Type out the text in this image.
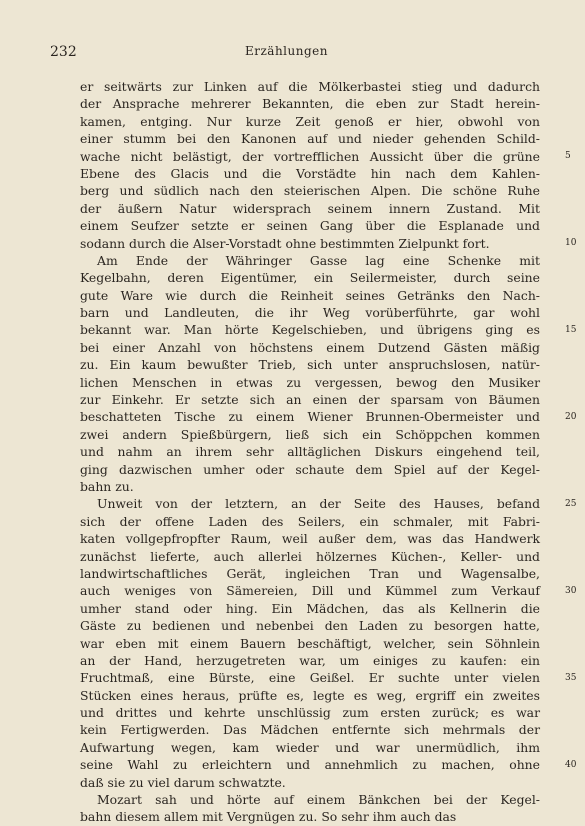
232	Erzählungen
er seitwärts zur Linken auf die Mölkerbastei stieg und dadurch
der Ansprache mehrerer Bekannten, die eben zur Stadt herein-
kamen, entging. Nur kurze Zeit genoß er hier, obwohl von
einer stumm bei den Kanonen auf und nieder gehenden Schild-
wache nicht belästigt, der vortrefflichen Aussicht über die grüne
Ebene des Glacis und die Vorstädte hin nach dem Kahlen-
berg und südlich nach den steierischen Alpen. Die schöne Ruhe
der äußern Natur widersprach seinem innern Zustand. Mit
einem Seufzer setzte er seinen Gang über die Esplanade und
sodann durch die Alser-Vorstadt ohne bestimmten Zielpunkt fort.
Am Ende der Währinger Gasse lag eine Schenke mit
Kegelbahn, deren Eigentümer, ein Seilermeister, durch seine
gute Ware wie durch die Reinheit seines Getränks den Nach-
barn und Landleuten, die ihr Weg vorüberführte, gar wohl
bekannt war. Man hörte Kegelschieben, und übrigens ging es
bei einer Anzahl von höchstens einem Dutzend Gästen mäßig
zu. Ein kaum bewußter Trieb, sich unter anspruchslosen, natür-
lichen Menschen in etwas zu vergessen, bewog den Musiker
zur Einkehr. Er setzte sich an einen der sparsam von Bäumen
beschatteten Tische zu einem Wiener Brunnen-Obermeister und
zwei andern Spießbürgern, ließ sich ein Schöppchen kommen
und nahm an ihrem sehr alltäglichen Diskurs eingehend teil,
ging dazwischen umher oder schaute dem Spiel auf der Kegel-
bahn zu.
Unweit von der letztern, an der Seite des Hauses, befand
sich der offene Laden des Seilers, ein schmaler, mit Fabri-
katen vollgepfropfter Raum, weil außer dem, was das Handwerk
zunächst lieferte, auch allerlei hölzernes Küchen-, Keller- und
landwirtschaftliches Gerät, ingleichen Tran und Wagensalbe,
auch weniges von Sämereien, Dill und Kümmel zum Verkauf
umher stand oder hing. Ein Mädchen, das als Kellnerin die
Gäste zu bedienen und nebenbei den Laden zu besorgen hatte,
war eben mit einem Bauern beschäftigt, welcher, sein Söhnlein
an der Hand, herzugetreten war, um einiges zu kaufen: ein
Fruchtmaß, eine Bürste, eine Geißel. Er suchte unter vielen
Stücken eines heraus, prüfte es, legte es weg, ergriff ein zweites
und drittes und kehrte unschlüssig zum ersten zurück; es war
kein Fertigwerden. Das Mädchen entfernte sich mehrmals der
Aufwartung wegen, kam wieder und war unermüdlich, ihm
seine Wahl zu erleichtern und annehmlich zu machen, ohne
daß sie zu viel darum schwatzte.
Mozart sah und hörte auf einem Bänkchen bei der Kegel-
bahn diesem allem mit Vergnügen zu. So sehr ihm auch das
5
10
15
20
25
30
35
40
